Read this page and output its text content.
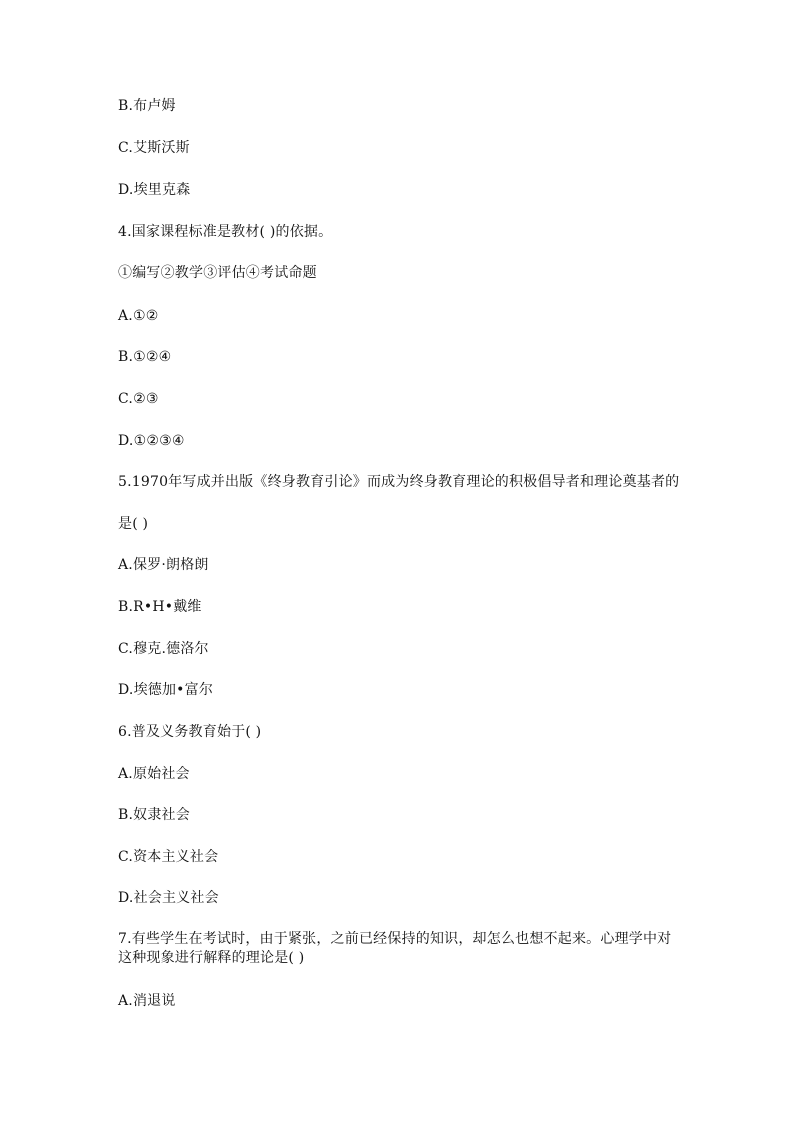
B.布卢姆
C.艾斯沃斯
D.埃里克森
4.国家课程标准是教材( )的依据。
①编写②教学③评估④考试命题
A.①②
B.①②④
C.②③
D.①②③④
5.1970年写成并出版《终身教育引论》而成为终身教育理论的积极倡导者和理论奠基者的
是( )
A.保罗·朗格朗
B.R•H•戴维
C.穆克.德洛尔
D.埃德加•富尔
6.普及义务教育始于( )
A.原始社会
B.奴隶社会
C.资本主义社会
D.社会主义社会
7.有些学生在考试时，由于紧张，之前已经保持的知识，却怎么也想不起来。心理学中对这种现象进行解释的理论是( )
A.消退说
